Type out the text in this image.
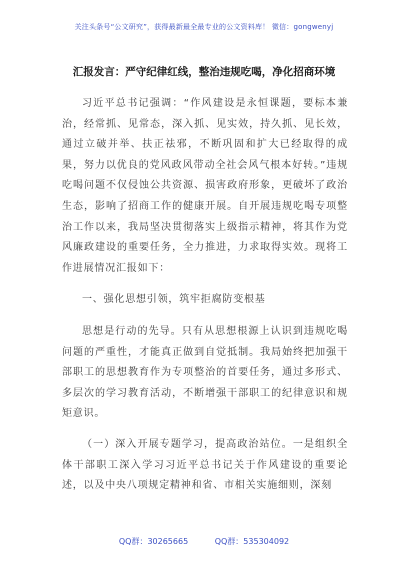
关注头条号“公文研究”，获得最新最全最专业的公文资料库！ 微信：gongwenyj
汇报发言：严守纪律红线，整治违规吃喝，净化招商环境

习近平总书记强调：“作风建设是永恒课题，要标本兼治，经常抓、见常态，深入抓、见实效，持久抓、见长效，通过立破并举、扶正祛邪，不断巩固和扩大已经取得的成果，努力以优良的党风政风带动全社会风气根本好转。”违规吃喝问题不仅侵蚀公共资源、损害政府形象，更破坏了政治生态，影响了招商工作的健康开展。自开展违规吃喝专项整治工作以来，我局坚决贯彻落实上级指示精神，将其作为党风廉政建设的重要任务，全力推进，力求取得实效。现将工作进展情况汇报如下：

一、强化思想引领，筑牢拒腐防变根基

思想是行动的先导。只有从思想根源上认识到违规吃喝问题的严重性，才能真正做到自觉抵制。我局始终把加强干部职工的思想教育作为专项整治的首要任务，通过多形式、多层次的学习教育活动，不断增强干部职工的纪律意识和规矩意识。

（一）深入开展专题学习，提高政治站位。一是组织全体干部职工深入学习习近平总书记关于作风建设的重要论述，以及中央八项规定精神和省、市相关实施细则，深刻

QQ群：30265665	QQ群：535304092
